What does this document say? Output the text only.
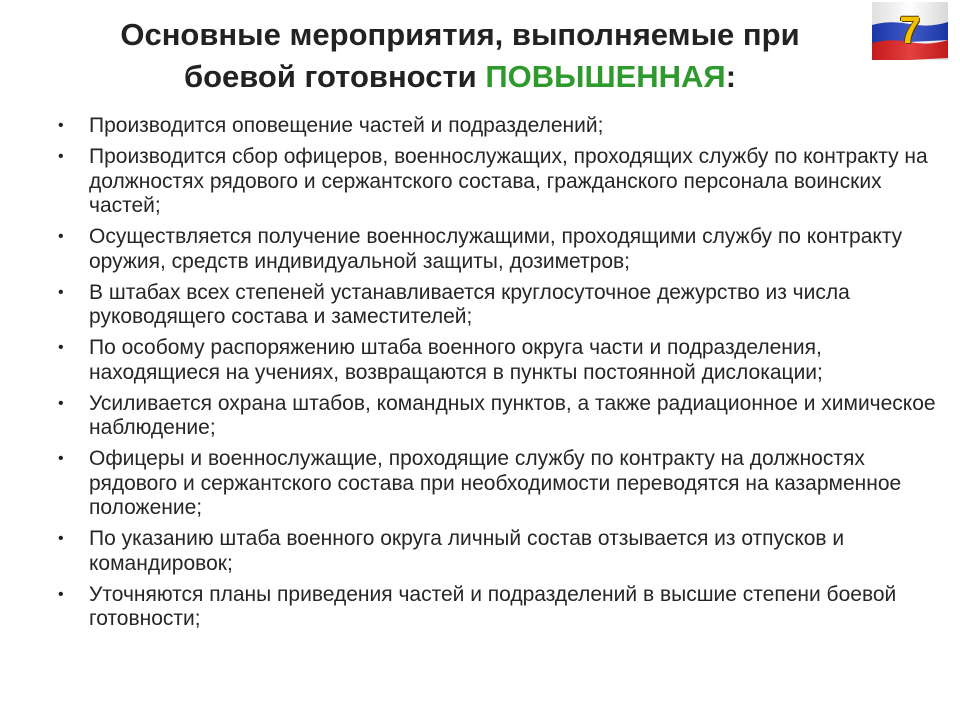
Основные мероприятия, выполняемые при
боевой готовности ПОВЫШЕННАЯ:
7
• Производится оповещение частей и подразделений;
• Производится сбор офицеров, военнослужащих, проходящих службу по контракту на должностях рядового и сержантского состава, гражданского персонала воинских частей;
• Осуществляется получение военнослужащими, проходящими службу по контракту оружия, средств индивидуальной защиты, дозиметров;
• В штабах всех степеней устанавливается круглосуточное дежурство из числа руководящего состава и заместителей;
• По особому распоряжению штаба военного округа части и подразделения, находящиеся на учениях, возвращаются в пункты постоянной дислокации;
• Усиливается охрана штабов, командных пунктов, а также радиационное и химическое наблюдение;
• Офицеры и военнослужащие, проходящие службу по контракту на должностях рядового и сержантского состава при необходимости переводятся на казарменное положение;
• По указанию штаба военного округа личный состав отзывается из отпусков и командировок;
• Уточняются планы приведения частей и подразделений в высшие степени боевой готовности;
